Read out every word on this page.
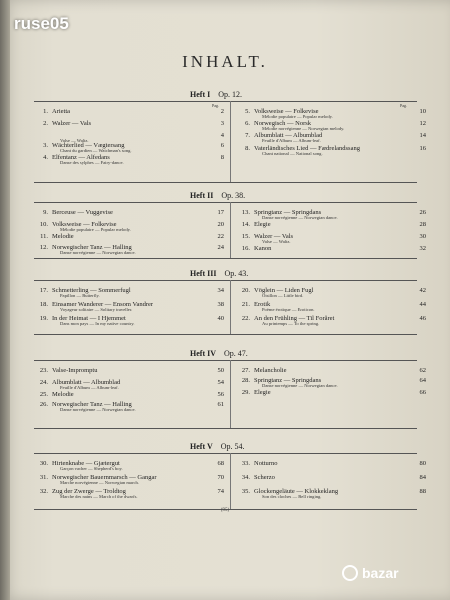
ruse05
INHALT.
Heft I Op. 12.
Pag.	Pag.
1. Arietta	2
2. Walzer — Vals	3
4
Valse — Waltz.
3. Wächterlied — Vægtersang	6
Chant du gardien — Watchman's song.
4. Elfentanz — Alfedans	8
Danse des sylphes — Fairy-dance.
5. Volksweise — Folkevise	10
Mélodie populaire — Popular melody.
6. Norwegisch — Norsk	12
Mélodie norvégienne — Norwegian melody.
7. Albumblatt — Albumblad	14
Feuille d'Album — Album-leaf.
8. Vaterländisches Lied — Fædrelandssang	16
Chant national — National song.
Heft II Op. 38.
9. Berceuse — Vuggevise	17
10. Volksweise — Folkevise	20
Mélodie populaire — Popular melody.
11. Melodie	22
12. Norwegischer Tanz — Halling	24
Danse norvégienne — Norwegian dance.
13. Springtanz — Springdans	26
Danse norvégienne — Norwegian dance.
14. Elegie	28
15. Walzer — Vals	30
Valse — Waltz.
16. Kanon	32
Heft III Op. 43.
17. Schmetterling — Sommerfugl	34
Papillon — Butterfly.
18. Einsamer Wanderer — Ensom Vandrer	38
Voyageur solitaire — Solitary traveller.
19. In der Heimat — I Hjemmet	40
Dans mon pays — In my native country.
20. Vöglein — Liden Fugl	42
Oisillon — Little bird.
21. Erotik	44
Poème érotique — Eroticon.
22. An den Frühling — Til Forăret	46
Au printemps — To the spring.
Heft IV Op. 47.
23. Valse-Impromptu	50
24. Albumblatt — Albumblad	54
Feuille d'Album — Album-leaf.
25. Melodie	56
26. Norwegischer Tanz — Halling	61
Danse norvégienne — Norwegian dance.
27. Melancholie	62
28. Springtanz — Springdans	64
Danse norvégienne — Norwegian dance.
29. Elegie	66
Heft V Op. 54.
30. Hirtenknabe — Gjætergut	68
Garçon vacher — Shepherd's boy.
31. Norwegischer Bauernmarsch — Gangar	70
Marche norvégienne — Norwegian march.
32. Zug der Zwerge — Troldtog	74
Marche des nains — March of the dwarfs.
33. Notturno	80
34. Scherzo	84
35. Glockengeläute — Klokkeklang	88
Son des cloches — Bell ringing.
(95)
bazar
